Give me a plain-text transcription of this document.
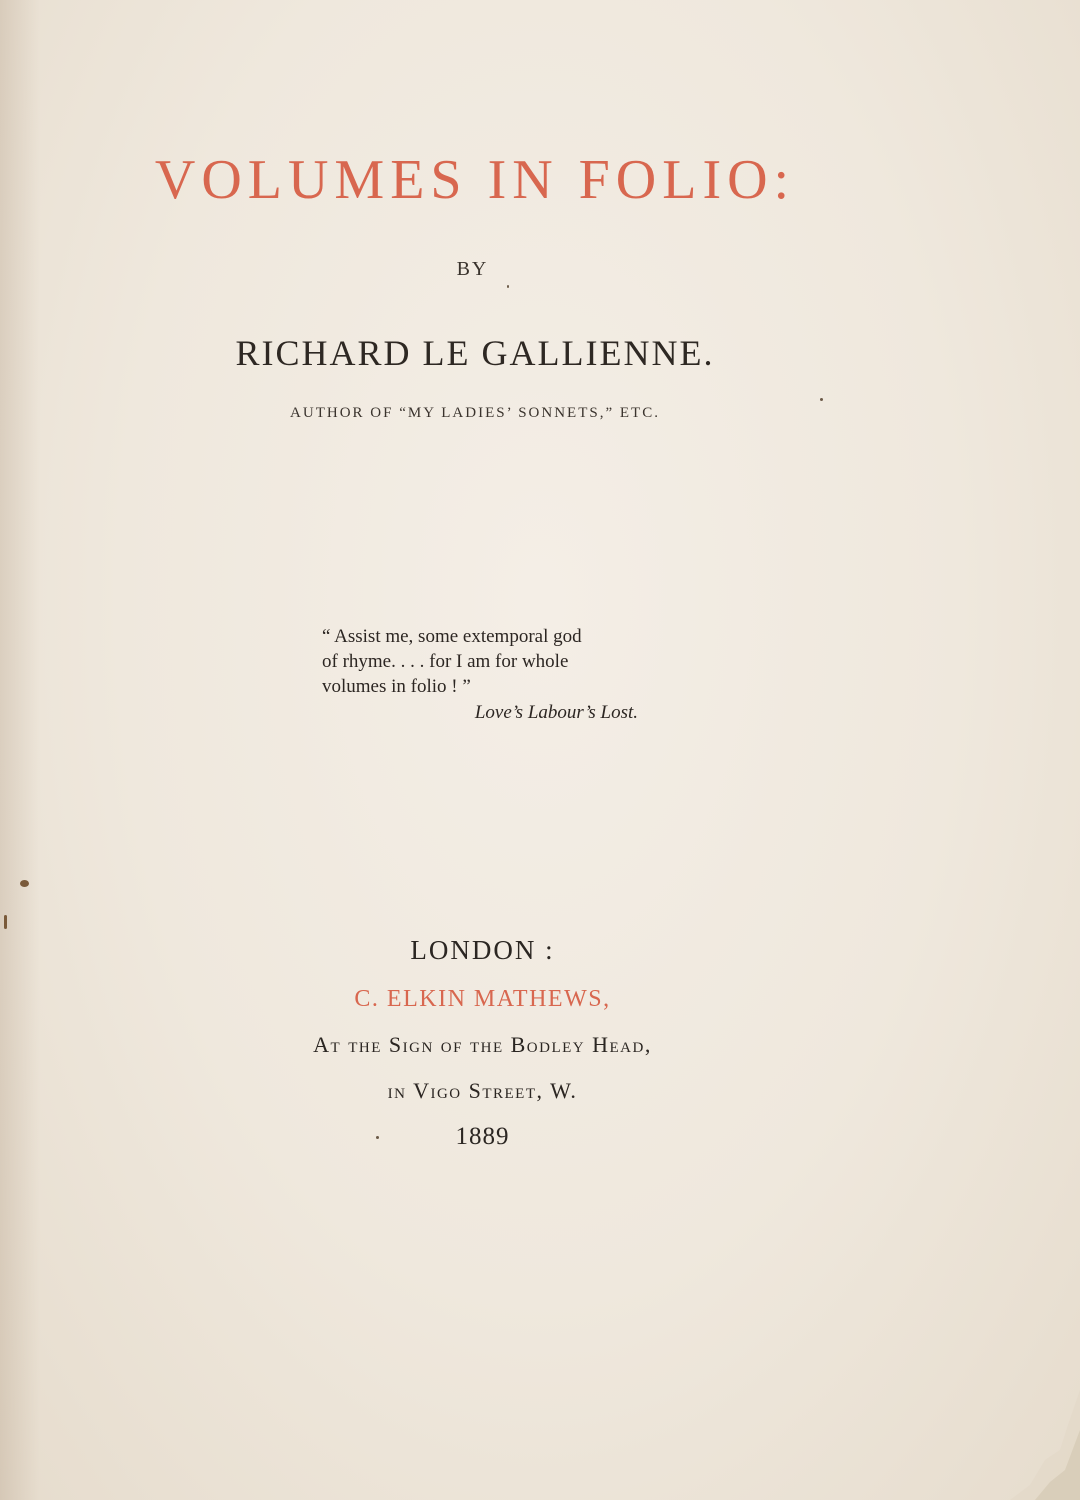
VOLUMES IN FOLIO:
BY
RICHARD LE GALLIENNE.
AUTHOR OF “MY LADIES’ SONNETS,” ETC.
“ Assist me, some extemporal god
of rhyme. . . . for I am for whole
volumes in folio ! ”
Love’s Labour’s Lost.
LONDON :
C. ELKIN MATHEWS,
At the Sign of the Bodley Head,
in Vigo Street, W.
1889
